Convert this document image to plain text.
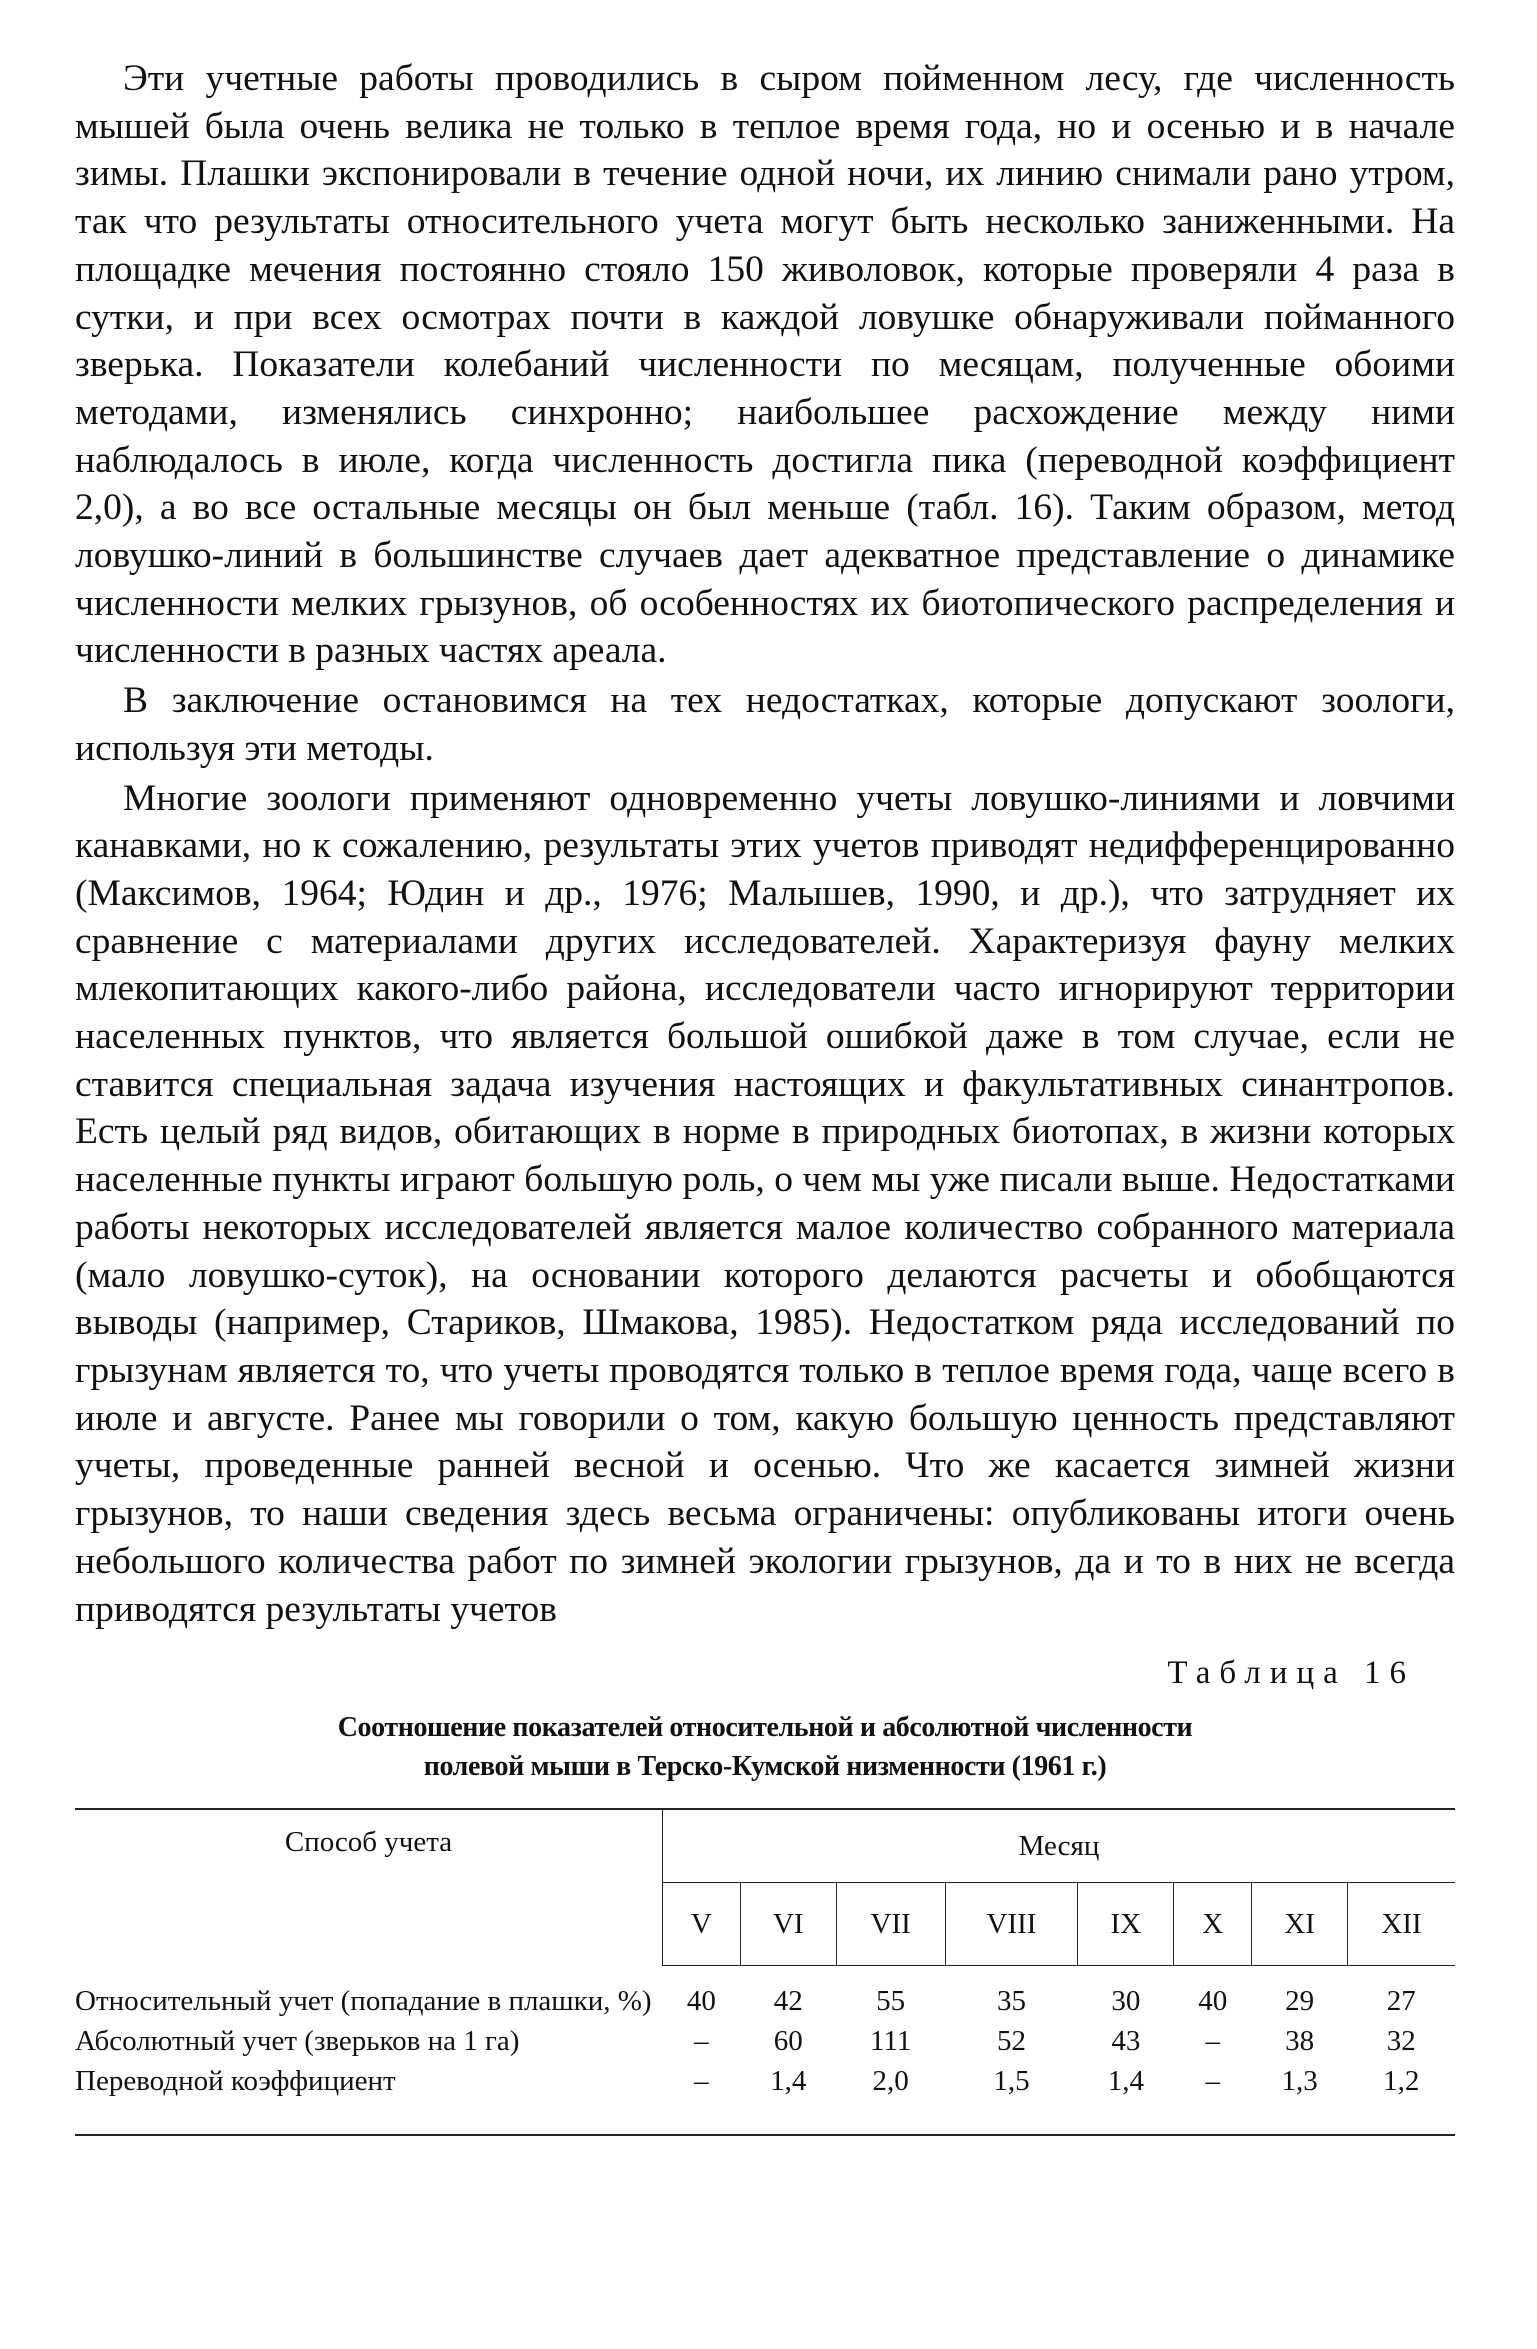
Эти учетные работы проводились в сыром пойменном лесу, где численность мышей была очень велика не только в теплое время года, но и осенью и в начале зимы. Плашки экспонировали в течение одной ночи, их линию снимали рано утром, так что результаты относительного учета могут быть несколько заниженными. На площадке мечения постоянно стояло 150 живоловок, которые проверяли 4 раза в сутки, и при всех осмотрах почти в каждой ловушке обнаруживали пойманного зверька. Показатели колебаний численности по месяцам, полученные обоими методами, изменялись синхронно; наибольшее расхождение между ними наблюдалось в июле, когда численность достигла пика (переводной коэффициент 2,0), а во все остальные месяцы он был меньше (табл. 16). Таким образом, метод ловушко-линий в большинстве случаев дает адекватное представление о динамике численности мелких грызунов, об особенностях их биотопического распределения и численности в разных частях ареала.

В заключение остановимся на тех недостатках, которые допускают зоологи, используя эти методы.

Многие зоологи применяют одновременно учеты ловушко-линиями и ловчими канавками, но к сожалению, результаты этих учетов приводят недифференцированно (Максимов, 1964; Юдин и др., 1976; Малышев, 1990, и др.), что затрудняет их сравнение с материалами других исследователей. Характеризуя фауну мелких млекопитающих какого-либо района, исследователи часто игнорируют территории населенных пунктов, что является большой ошибкой даже в том случае, если не ставится специальная задача изучения настоящих и факультативных синантропов. Есть целый ряд видов, обитающих в норме в природных биотопах, в жизни которых населенные пункты играют большую роль, о чем мы уже писали выше. Недостатками работы некоторых исследователей является малое количество собранного материала (мало ловушко-суток), на основании которого делаются расчеты и обобщаются выводы (например, Стариков, Шмакова, 1985). Недостатком ряда исследований по грызунам является то, что учеты проводятся только в теплое время года, чаще всего в июле и августе. Ранее мы говорили о том, какую большую ценность представляют учеты, проведенные ранней весной и осенью. Что же касается зимней жизни грызунов, то наши сведения здесь весьма ограничены: опубликованы итоги очень небольшого количества работ по зимней экологии грызунов, да и то в них не всегда приводятся результаты учетов

Таблица 16
Соотношение показателей относительной и абсолютной численности
полевой мыши в Терско-Кумской низменности (1961 г.)
Способ учета	Месяц							
	V	VI	VII	VIII	IX	X	XI	XII
Относительный учет (попадание в плашки, %)	40	42	55	35	30	40	29	27
Абсолютный учет (зверьков на 1 га)	–	60	111	52	43	–	38	32
Переводной коэффициент	–	1,4	2,0	1,5	1,4	–	1,3	1,2
